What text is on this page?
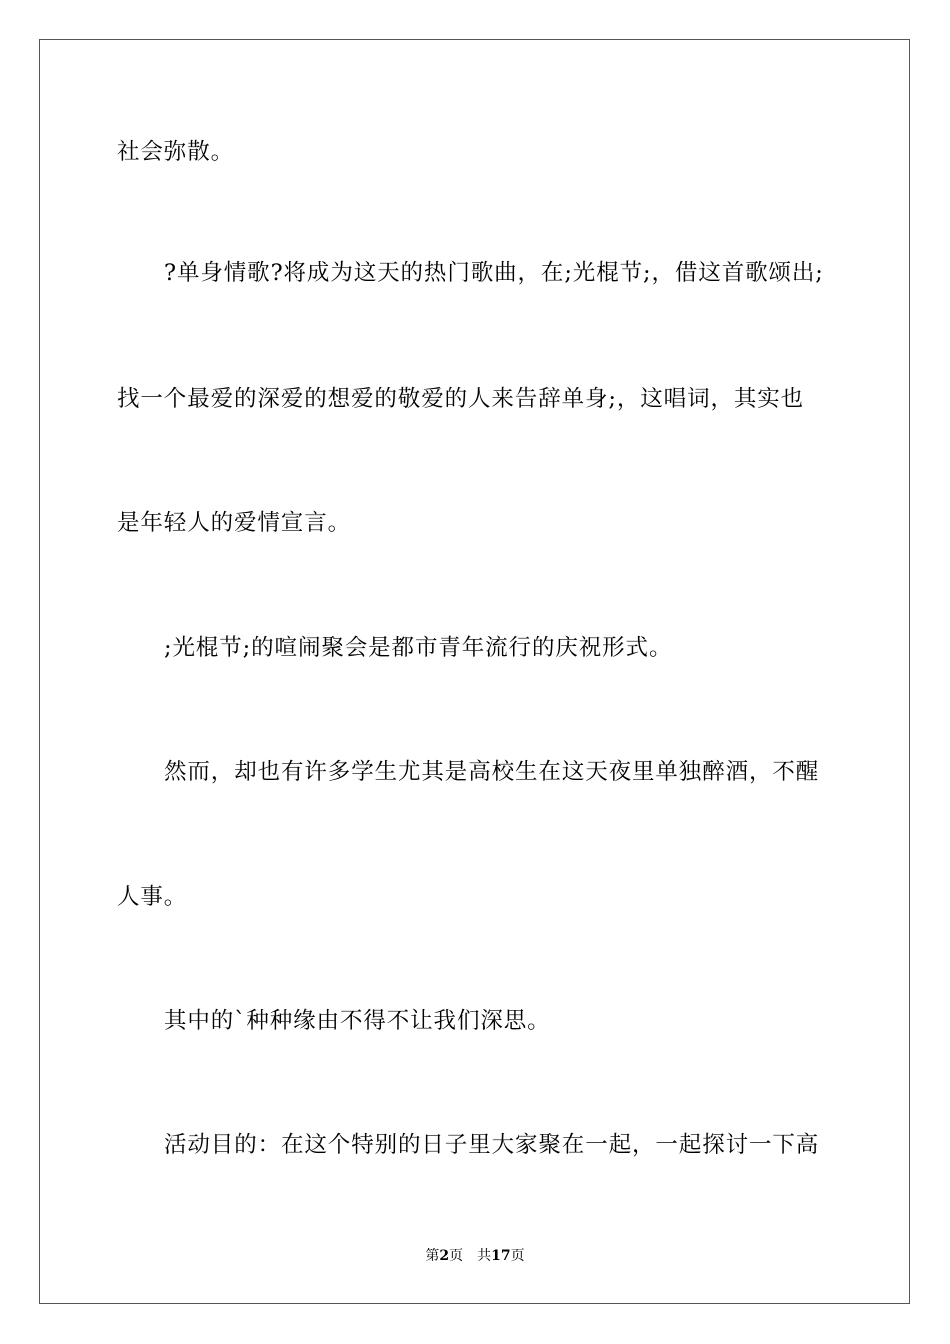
社会弥散。
?单身情歌?将成为这天的热门歌曲，在;光棍节;，借这首歌颂出;
找一个最爱的深爱的想爱的敬爱的人来告辞单身;，这唱词，其实也
是年轻人的爱情宣言。
;光棍节;的喧闹聚会是都市青年流行的庆祝形式。
然而，却也有许多学生尤其是高校生在这天夜里单独醉酒，不醒
人事。
其中的`种种缘由不得不让我们深思。
活动目的：在这个特别的日子里大家聚在一起，一起探讨一下高
第2页 共17页
